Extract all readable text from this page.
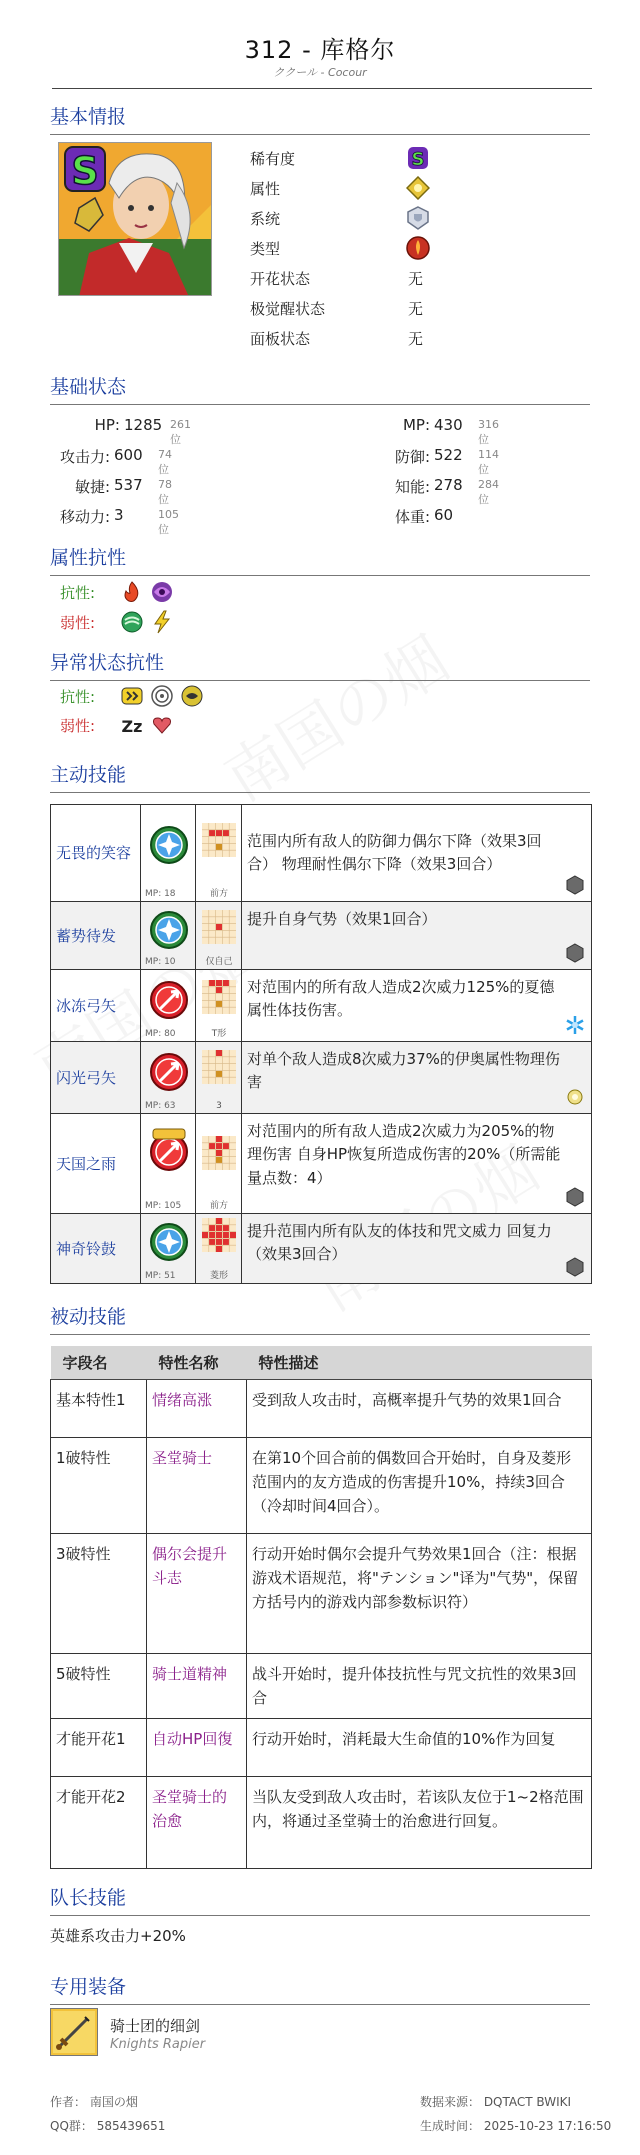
312 - 库格尔
ククール - Cocour
基本情报
S	稀有度	S
属性
系统
类型
开花状态	无
极觉醒状态	无
面板状态	无
基础状态
HP: 1285 261位
MP: 430 316位
攻击力: 600 74位
防御: 522 114位
敏捷: 537 78位
知能: 278 284位
移动力: 3	105位
体重: 60
属性抗性
抗性:
弱性:
异常状态抗性
抗性:
弱性:	Zz
主动技能
无畏的笑容	MP: 18	前方	范围内所有敌人的防御力偶尔下降（效果3回合） 物理耐性偶尔下降（效果3回合）

蓄势待发	MP: 10	仅自己	提升自身气势（效果1回合）

冰冻弓矢	MP: 80	T形	对范围内的所有敌人造成2次威力125%的夏德属性体技伤害。

闪光弓矢	MP: 63	3	对单个敌人造成8次威力37%的伊奥属性物理伤害

天国之雨	MP: 105	前方	对范围内的所有敌人造成2次威力为205%的物理伤害 自身HP恢复所造成伤害的20%（所需能量点数：4）

神奇铃鼓	MP: 51	菱形	提升范围内所有队友的体技和咒文威力 回复力（效果3回合）
被动技能
字段名	特性名称	特性描述
基本特性1	情绪高涨	受到敌人攻击时，高概率提升气势的效果1回合
1破特性	圣堂骑士	在第10个回合前的偶数回合开始时，自身及菱形范围内的友方造成的伤害提升10%，持续3回合（冷却时间4回合）。
3破特性	偶尔会提升斗志	行动开始时偶尔会提升气势效果1回合（注：根据游戏术语规范，将"テンション"译为"气势"，保留方括号内的游戏内部参数标识符）
5破特性	骑士道精神	战斗开始时，提升体技抗性与咒文抗性的效果3回合
才能开花1	自动HP回復	行动开始时，消耗最大生命值的10%作为回复
才能开花2	圣堂骑士的治愈	当队友受到敌人攻击时，若该队友位于1~2格范围内，将通过圣堂骑士的治愈进行回复。
队长技能
英雄系攻击力+20%
专用装备
骑士团的细剑
Knights Rapier
作者： 南国の烟
QQ群： 585439651
数据来源： DQTACT BWIKI
生成时间： 2025-10-23 17:16:50
